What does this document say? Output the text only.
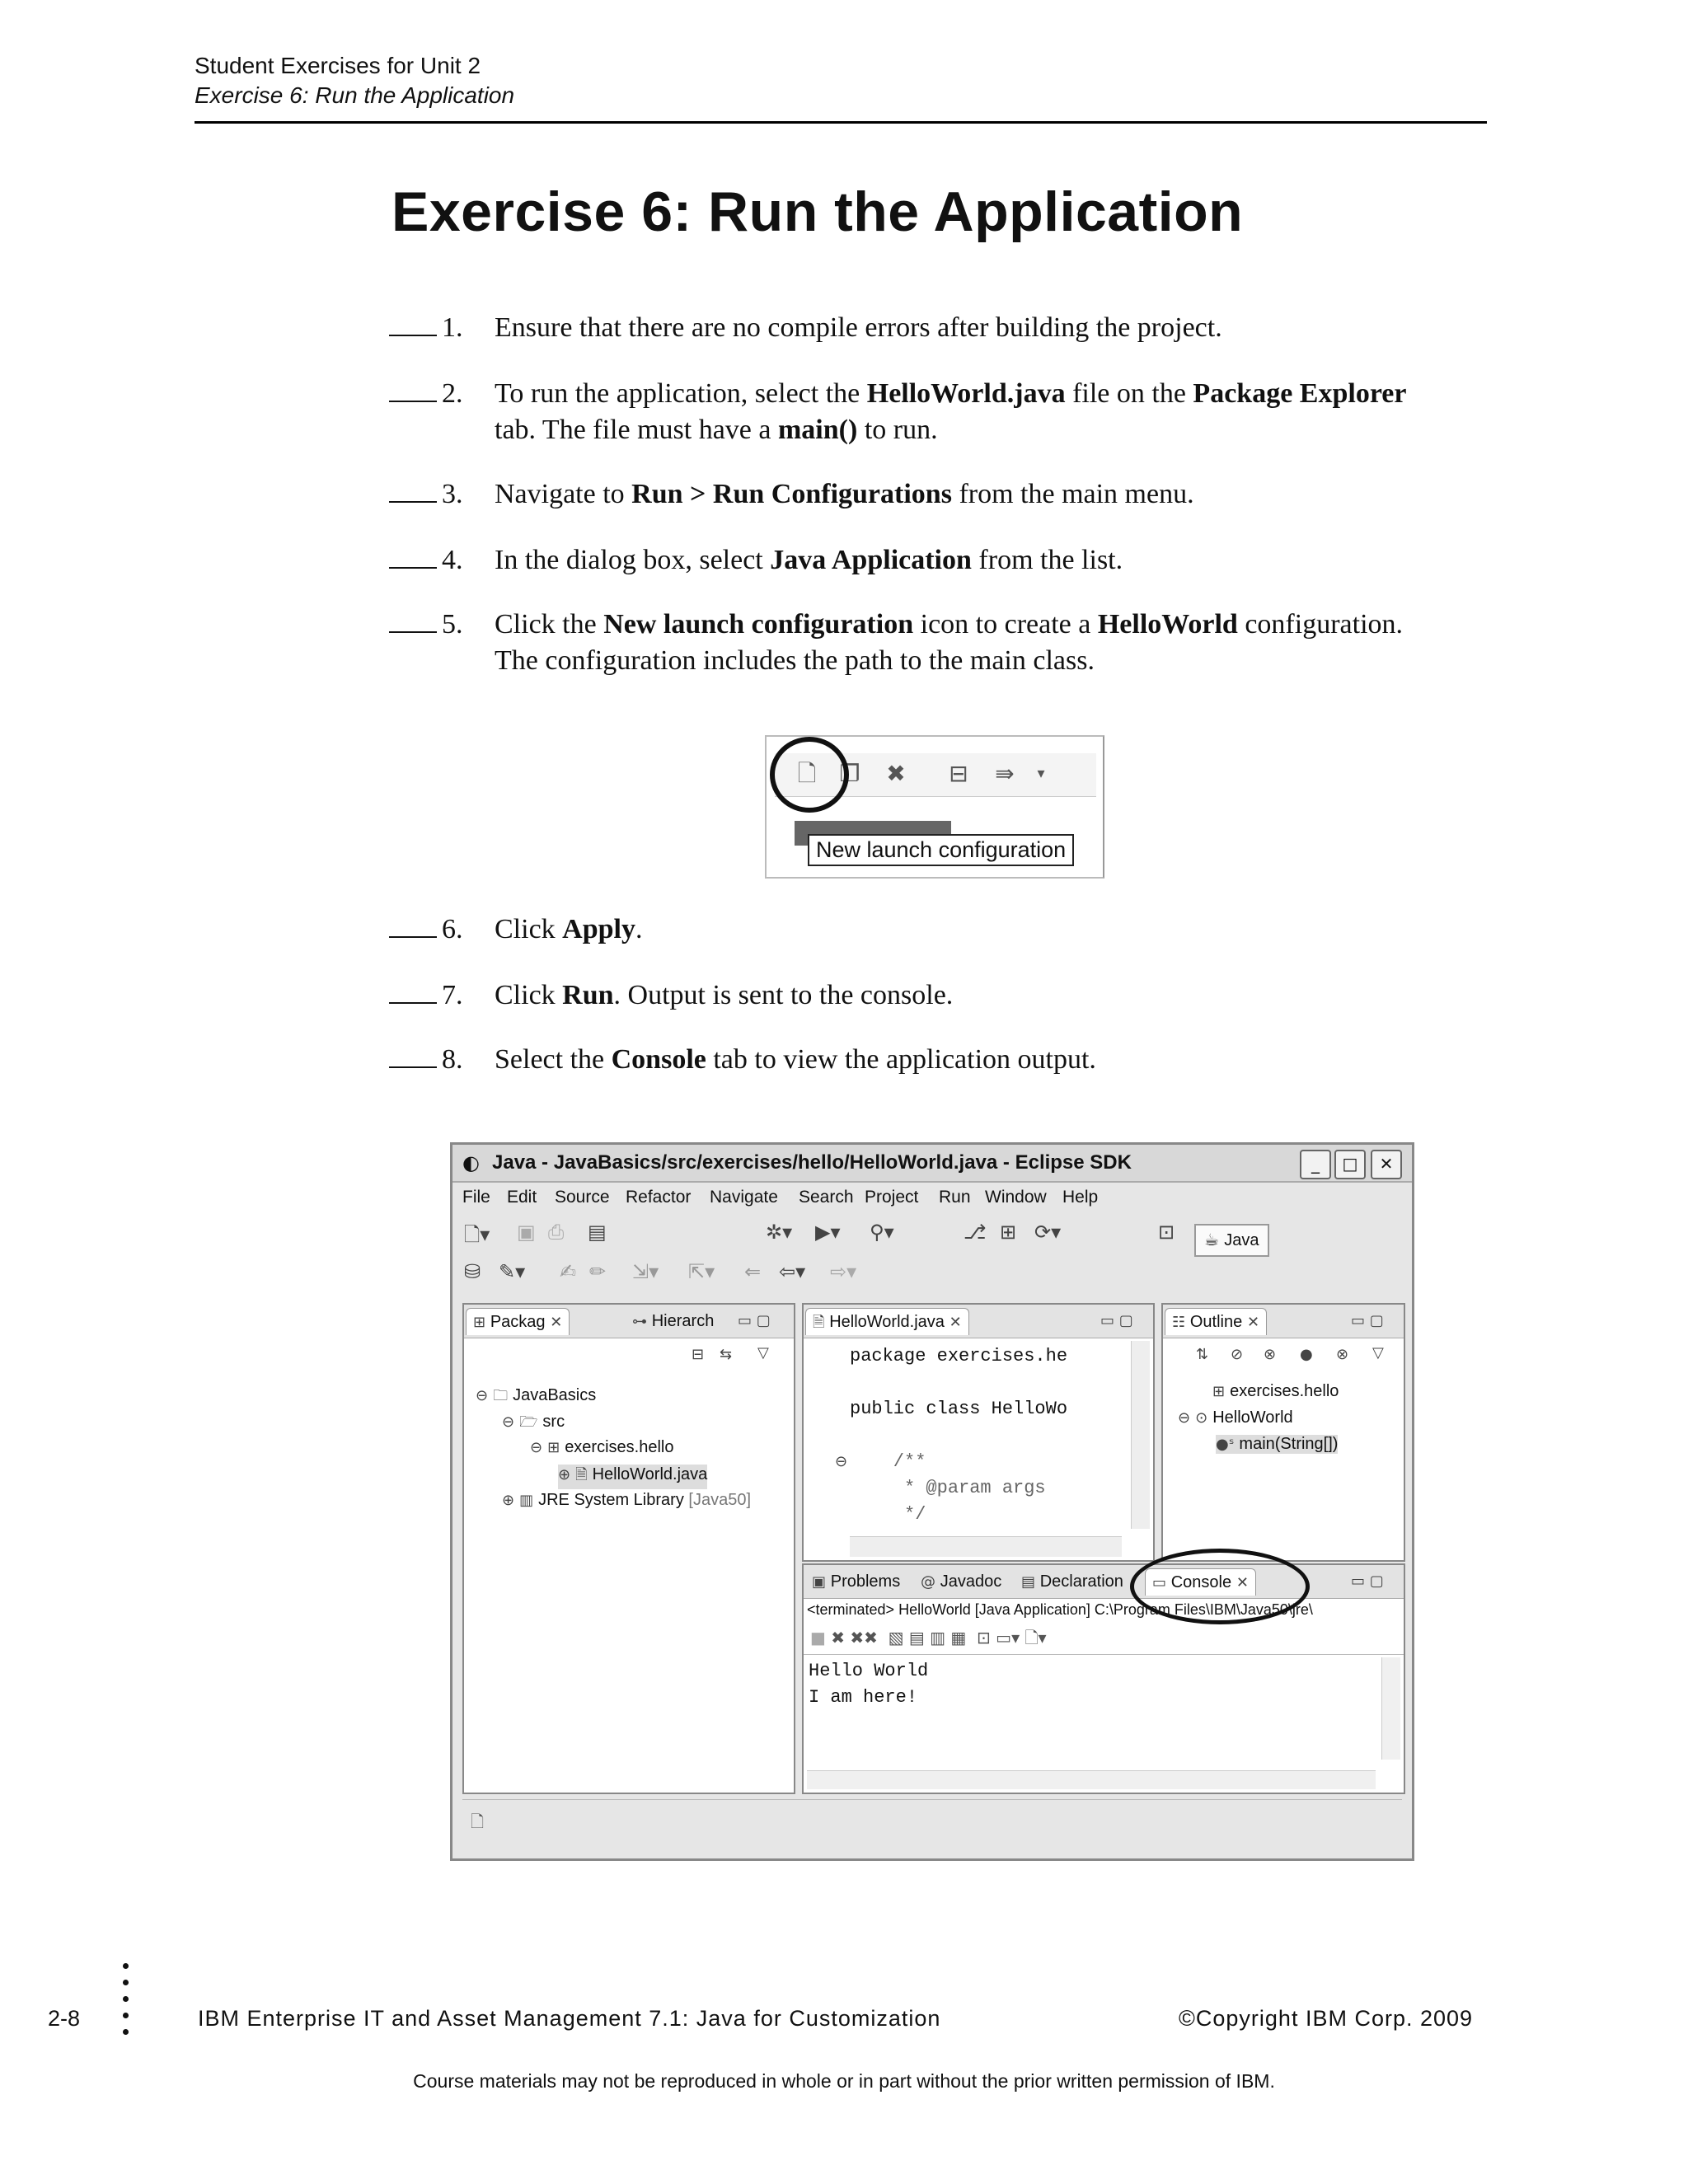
Student Exercises for Unit 2
Exercise 6: Run the Application
Exercise 6: Run the Application
1. Ensure that there are no compile errors after building the project.
2. To run the application, select the HelloWorld.java file on the Package Explorer
tab. The file must have a main() to run.
3. Navigate to Run > Run Configurations from the main menu.
4. In the dialog box, select Java Application from the list.
5. Click the New launch configuration icon to create a HelloWorld configuration.
The configuration includes the path to the main class.
6. Click Apply.
7. Click Run. Output is sent to the console.
8. Select the Console tab to view the application output.
🗋 ❐ ✖ ⊟ ⇛	▾
New launch configuration
◐ Java - JavaBasics/src/exercises/hello/HelloWorld.java - Eclipse SDK	_	□	✕
File Edit Source Refactor Navigate Search Project Run Window Help
🗋▾ ▣ ⎙ ▤	✲▾ ▶▾ ⚲▾	⎇ ⊞ ⟳▾	⊡	☕ Java
⛁ ✎▾ ✍ ✏ ⇲▾ ⇱▾ ⇐ ⇦▾ ⇨▾
⊞ Packag ✕	⊶ Hierarch	▭ ▢
⊟ ⇆ ▽
⊖ 🗀 JavaBasics
⊖ 🗁 src
⊖ ⊞ exercises.hello
⊕ 🗎 HelloWorld.java
⊕ ▥ JRE System Library [Java50]
🗎 HelloWorld.java ✕	▭ ▢
package exercises.he
public class HelloWo
/**
* @param args
*/
⊖
☷ Outline ✕	▭ ▢
⇅ ⊘ ⊗ ● ⊗ ▽
⊞ exercises.hello
⊖ ⊙ HelloWorld
●ˢ main(String[])
▣ Problems	@ Javadoc	▤ Declaration	▭ Console ✕	▭ ▢
<terminated> HelloWorld [Java Application] C:\Program Files\IBM\Java50\jre\
■ ✖ ✖✖  ▧ ▤ ▥ ▦  ⊡ ▭▾ 🗋▾
Hello World
I am here!
🗋
2-8	IBM Enterprise IT and Asset Management 7.1: Java for Customization	©Copyright IBM Corp. 2009
Course materials may not be reproduced in whole or in part without the prior written permission of IBM.
